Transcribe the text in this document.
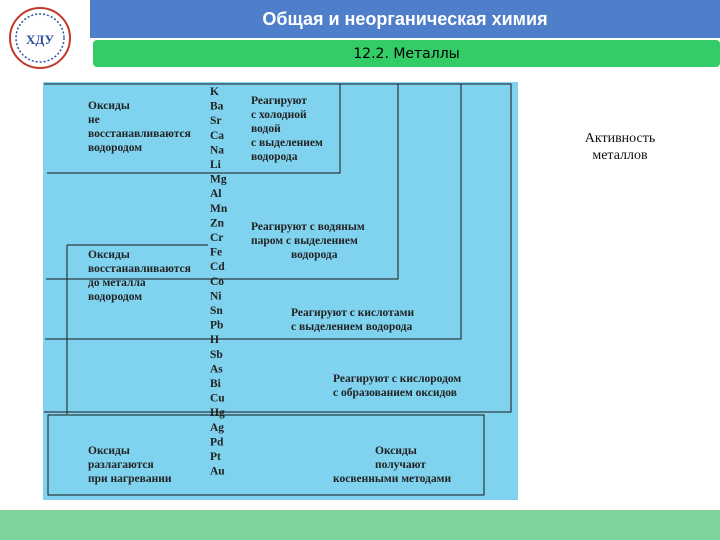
Общая и неорганическая химия
12.2. Металлы
ХДУ
K
Ba
Sr
Ca
Na
Li
Mg
Al
Mn
Zn
Cr
Fe
Cd
Co
Ni
Sn
Pb
H
Sb
As
Bi
Cu
Hg
Ag
Pd
Pt
Au
Оксиды
не
восстанавливаются
водородом
Оксиды
восстанавливаются
до металла
водородом
Оксиды
разлагаются
при нагревании
Оксиды
получают
косвенными методами
Реагируют
с холодной
водой
с выделением
водорода
Реагируют с водяным
паром с выделением
водорода
Реагируют с кислотами
с выделением водорода
Реагируют с кислородом
с образованием оксидов
Активность
металлов
